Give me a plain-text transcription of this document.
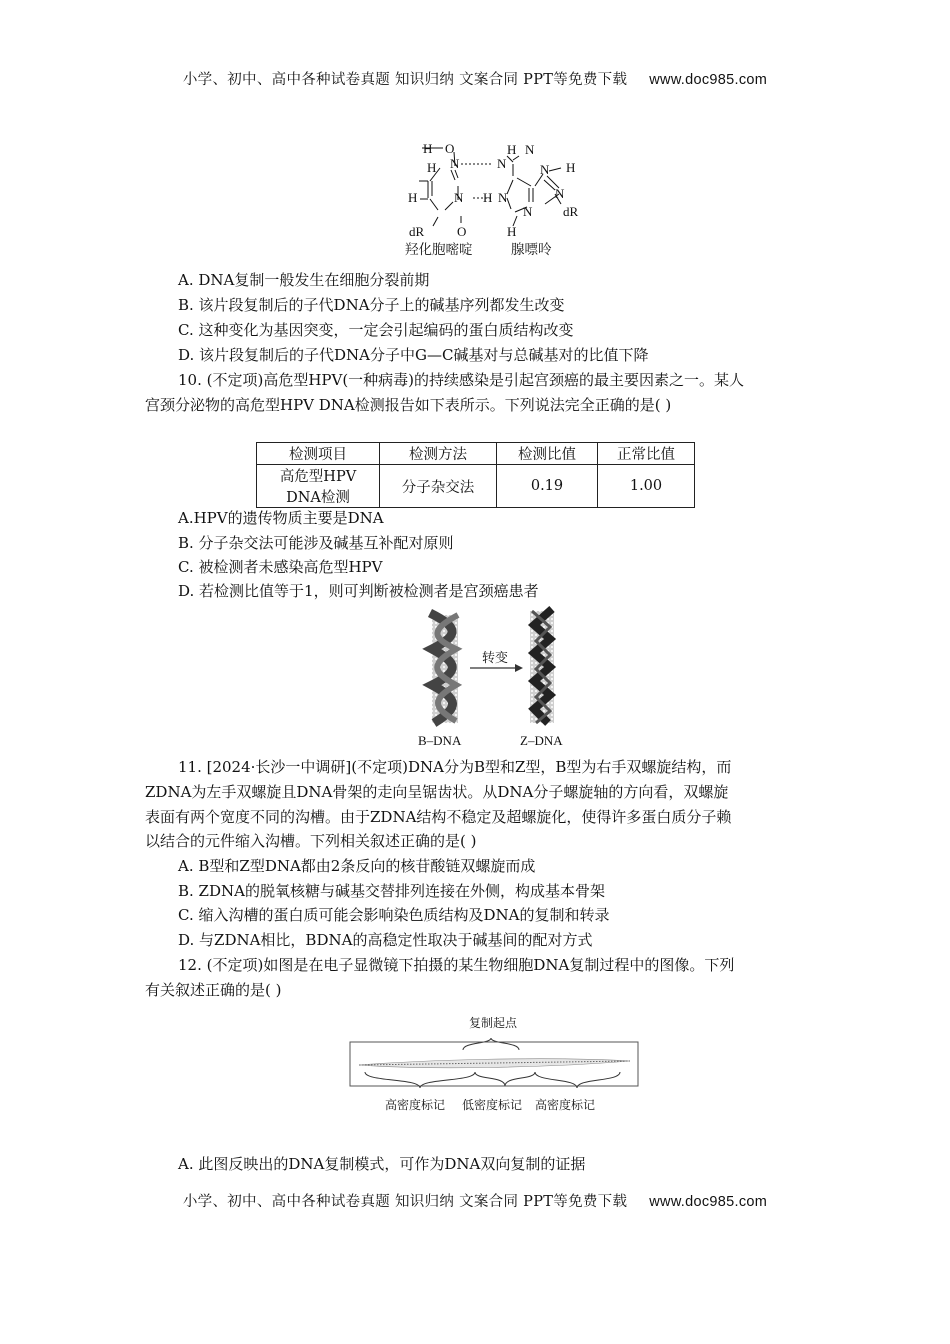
小学、初中、高中各种试卷真题 知识归纳 文案合同 PPT等免费下载 www.doc985.com
H O
N
H	N
H N
N H
H	N	N
H	N
N
dR
dR
O	H
羟化胞嘧啶	腺嘌呤
A. DNA复制一般发生在细胞分裂前期
B. 该片段复制后的子代DNA分子上的碱基序列都发生改变
C. 这种变化为基因突变，一定会引起编码的蛋白质结构改变
D. 该片段复制后的子代DNA分子中G—C碱基对与总碱基对的比值下降
10. (不定项)高危型HPV(一种病毒)的持续感染是引起宫颈癌的最主要因素之一。某人
宫颈分泌物的高危型HPV DNA检测报告如下表所示。下列说法完全正确的是( )
检测项目	检测方法	检测比值	正常比值

高危型HPV
DNA检测	分子杂交法	0.19	1.00
A.HPV的遗传物质主要是DNA
B. 分子杂交法可能涉及碱基互补配对原则
C. 被检测者未感染高危型HPV
D. 若检测比值等于1，则可判断被检测者是宫颈癌患者
转变
B–DNA	Z–DNA
11. [2024·长沙一中调研](不定项)DNA分为B型和Z型，B型为右手双螺旋结构，而
ZDNA为左手双螺旋且DNA骨架的走向呈锯齿状。从DNA分子螺旋轴的方向看，双螺旋
表面有两个宽度不同的沟槽。由于ZDNA结构不稳定及超螺旋化，使得许多蛋白质分子赖
以结合的元件缩入沟槽。下列相关叙述正确的是( )
A. B型和Z型DNA都由2条反向的核苷酸链双螺旋而成
B. ZDNA的脱氧核糖与碱基交替排列连接在外侧，构成基本骨架
C. 缩入沟槽的蛋白质可能会影响染色质结构及DNA的复制和转录
D. 与ZDNA相比，BDNA的高稳定性取决于碱基间的配对方式
12. (不定项)如图是在电子显微镜下拍摄的某生物细胞DNA复制过程中的图像。下列
有关叙述正确的是( )
复制起点
高密度标记 低密度标记 高密度标记
A. 此图反映出的DNA复制模式，可作为DNA双向复制的证据
小学、初中、高中各种试卷真题 知识归纳 文案合同 PPT等免费下载 www.doc985.com
